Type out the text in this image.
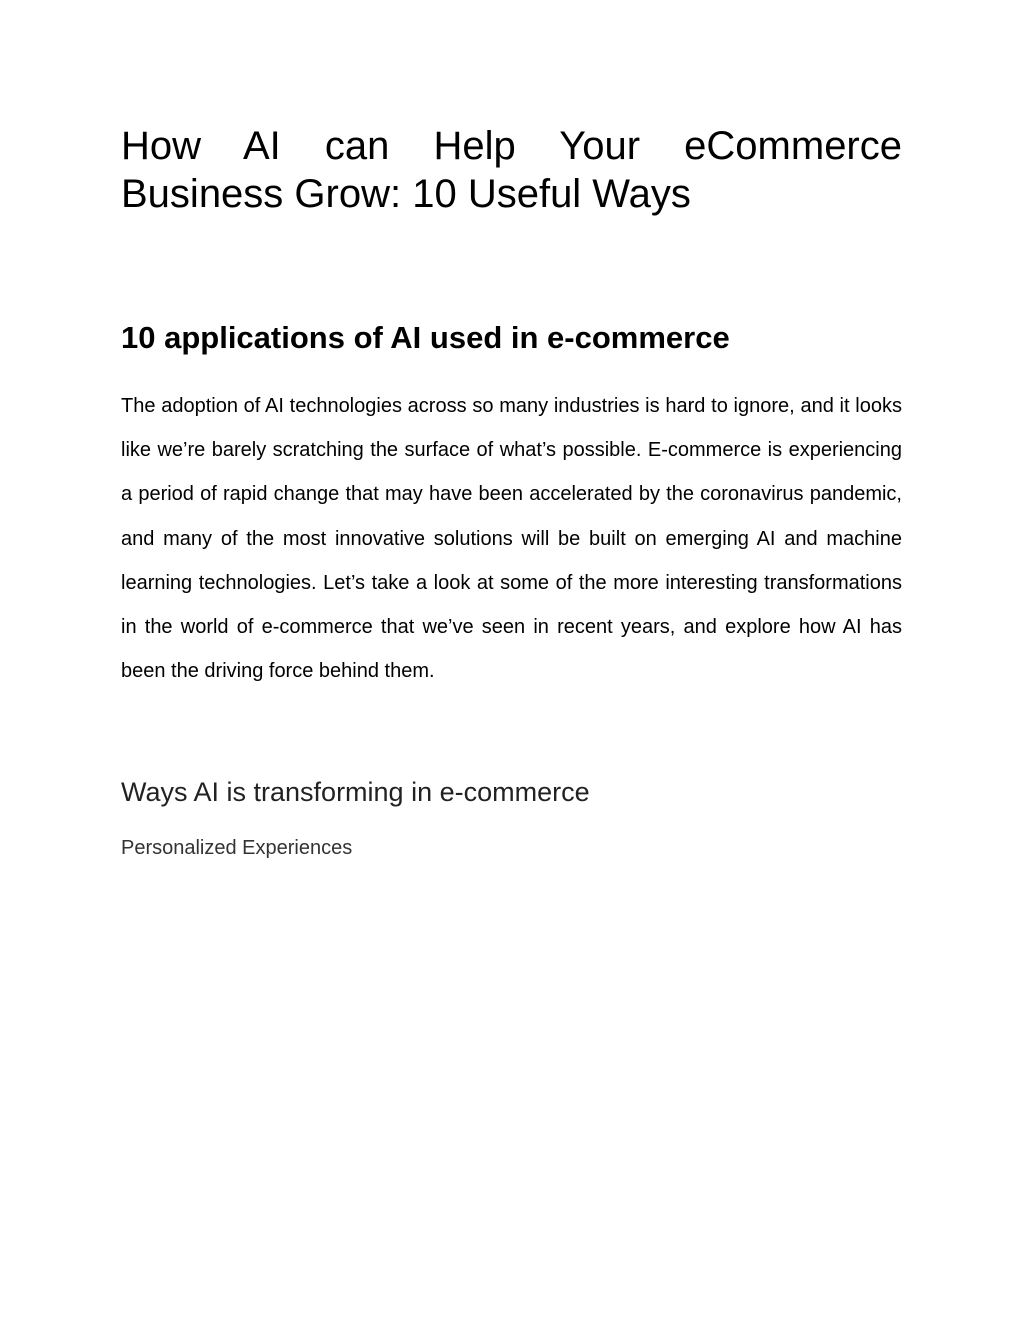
How AI can Help Your eCommerce Business Grow: 10 Useful Ways
10 applications of AI used in e-commerce

The adoption of AI technologies across so many industries is hard to ignore, and it looks like we’re barely scratching the surface of what’s possible. E-commerce is experiencing a period of rapid change that may have been accelerated by the coronavirus pandemic, and many of the most innovative solutions will be built on emerging AI and machine learning technologies. Let’s take a look at some of the more interesting transformations in the world of e-commerce that we’ve seen in recent years, and explore how AI has been the driving force behind them.

Ways AI is transforming in e-commerce
Personalized Experiences
